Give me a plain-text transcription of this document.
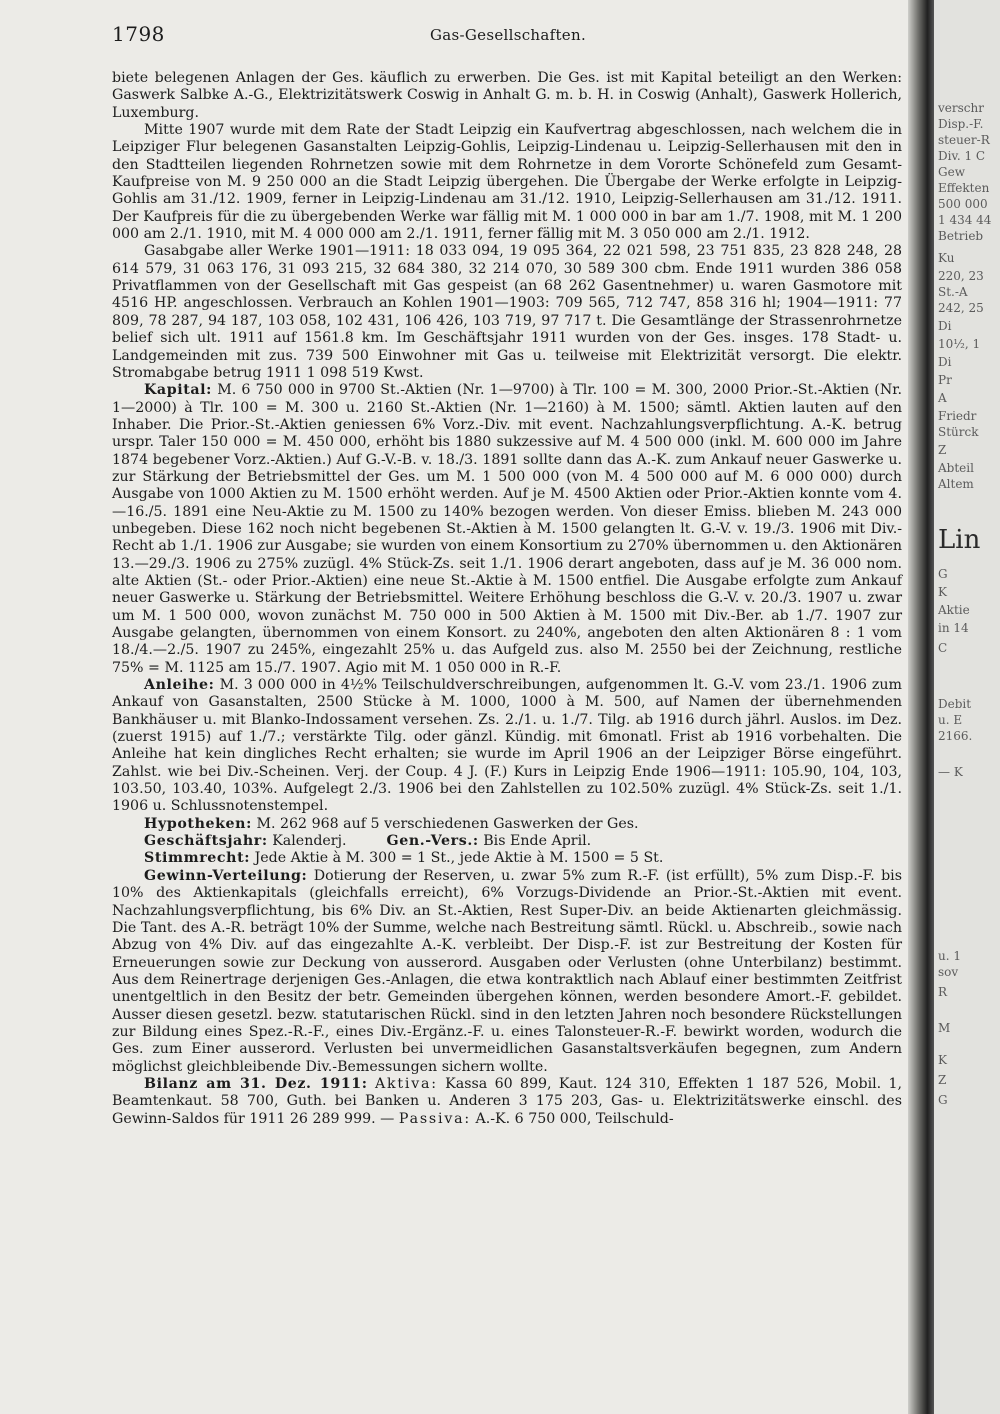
1798	Gas-Gesellschaften.

biete belegenen Anlagen der Ges. käuflich zu erwerben. Die Ges. ist mit Kapital beteiligt an den Werken: Gaswerk Salbke A.-G., Elektrizitätswerk Coswig in Anhalt G. m. b. H. in Coswig (Anhalt), Gaswerk Hollerich, Luxemburg.

Mitte 1907 wurde mit dem Rate der Stadt Leipzig ein Kaufvertrag abgeschlossen, nach welchem die in Leipziger Flur belegenen Gasanstalten Leipzig-Gohlis, Leipzig-Lindenau u. Leipzig-Sellerhausen mit den in den Stadtteilen liegenden Rohrnetzen sowie mit dem Rohrnetze in dem Vororte Schönefeld zum Gesamt-Kaufpreise von M. 9 250 000 an die Stadt Leipzig übergehen. Die Übergabe der Werke erfolgte in Leipzig-Gohlis am 31./12. 1909, ferner in Leipzig-Lindenau am 31./12. 1910, Leipzig-Sellerhausen am 31./12. 1911. Der Kaufpreis für die zu übergebenden Werke war fällig mit M. 1 000 000 in bar am 1./7. 1908, mit M. 1 200 000 am 2./1. 1910, mit M. 4 000 000 am 2./1. 1911, ferner fällig mit M. 3 050 000 am 2./1. 1912.

Gasabgabe aller Werke 1901—1911: 18 033 094, 19 095 364, 22 021 598, 23 751 835, 23 828 248, 28 614 579, 31 063 176, 31 093 215, 32 684 380, 32 214 070, 30 589 300 cbm. Ende 1911 wurden 386 058 Privatflammen von der Gesellschaft mit Gas gespeist (an 68 262 Gasentnehmer) u. waren Gasmotore mit 4516 HP. angeschlossen. Verbrauch an Kohlen 1901—1903: 709 565, 712 747, 858 316 hl; 1904—1911: 77 809, 78 287, 94 187, 103 058, 102 431, 106 426, 103 719, 97 717 t. Die Gesamtlänge der Strassenrohrnetze belief sich ult. 1911 auf 1561.8 km. Im Geschäftsjahr 1911 wurden von der Ges. insges. 178 Stadt- u. Landgemeinden mit zus. 739 500 Einwohner mit Gas u. teilweise mit Elektrizität versorgt. Die elektr. Stromabgabe betrug 1911 1 098 519 Kwst.

Kapital: M. 6 750 000 in 9700 St.-Aktien (Nr. 1—9700) à Tlr. 100 = M. 300, 2000 Prior.-St.-Aktien (Nr. 1—2000) à Tlr. 100 = M. 300 u. 2160 St.-Aktien (Nr. 1—2160) à M. 1500; sämtl. Aktien lauten auf den Inhaber. Die Prior.-St.-Aktien geniessen 6% Vorz.-Div. mit event. Nachzahlungsverpflichtung. A.-K. betrug urspr. Taler 150 000 = M. 450 000, erhöht bis 1880 sukzessive auf M. 4 500 000 (inkl. M. 600 000 im Jahre 1874 begebener Vorz.-Aktien.) Auf G.-V.-B. v. 18./3. 1891 sollte dann das A.-K. zum Ankauf neuer Gaswerke u. zur Stärkung der Betriebsmittel der Ges. um M. 1 500 000 (von M. 4 500 000 auf M. 6 000 000) durch Ausgabe von 1000 Aktien zu M. 1500 erhöht werden. Auf je M. 4500 Aktien oder Prior.-Aktien konnte vom 4.—16./5. 1891 eine Neu-Aktie zu M. 1500 zu 140% bezogen werden. Von dieser Emiss. blieben M. 243 000 unbegeben. Diese 162 noch nicht begebenen St.-Aktien à M. 1500 gelangten lt. G.-V. v. 19./3. 1906 mit Div.-Recht ab 1./1. 1906 zur Ausgabe; sie wurden von einem Konsortium zu 270% übernommen u. den Aktionären 13.—29./3. 1906 zu 275% zuzügl. 4% Stück-Zs. seit 1./1. 1906 derart angeboten, dass auf je M. 36 000 nom. alte Aktien (St.- oder Prior.-Aktien) eine neue St.-Aktie à M. 1500 entfiel. Die Ausgabe erfolgte zum Ankauf neuer Gaswerke u. Stärkung der Betriebsmittel. Weitere Erhöhung beschloss die G.-V. v. 20./3. 1907 u. zwar um M. 1 500 000, wovon zunächst M. 750 000 in 500 Aktien à M. 1500 mit Div.-Ber. ab 1./7. 1907 zur Ausgabe gelangten, übernommen von einem Konsort. zu 240%, angeboten den alten Aktionären 8 : 1 vom 18./4.—2./5. 1907 zu 245%, eingezahlt 25% u. das Aufgeld zus. also M. 2550 bei der Zeichnung, restliche 75% = M. 1125 am 15./7. 1907. Agio mit M. 1 050 000 in R.-F.

Anleihe: M. 3 000 000 in 4½% Teilschuldverschreibungen, aufgenommen lt. G.-V. vom 23./1. 1906 zum Ankauf von Gasanstalten, 2500 Stücke à M. 1000, 1000 à M. 500, auf Namen der übernehmenden Bankhäuser u. mit Blanko-Indossament versehen. Zs. 2./1. u. 1./7. Tilg. ab 1916 durch jährl. Auslos. im Dez. (zuerst 1915) auf 1./7.; verstärkte Tilg. oder gänzl. Kündig. mit 6monatl. Frist ab 1916 vorbehalten. Die Anleihe hat kein dingliches Recht erhalten; sie wurde im April 1906 an der Leipziger Börse eingeführt. Zahlst. wie bei Div.-Scheinen. Verj. der Coup. 4 J. (F.) Kurs in Leipzig Ende 1906—1911: 105.90, 104, 103, 103.50, 103.40, 103%. Aufgelegt 2./3. 1906 bei den Zahlstellen zu 102.50% zuzügl. 4% Stück-Zs. seit 1./1. 1906 u. Schlussnotenstempel.

Hypotheken: M. 262 968 auf 5 verschiedenen Gaswerken der Ges.

Geschäftsjahr: Kalenderj.	Gen.-Vers.: Bis Ende April.

Stimmrecht: Jede Aktie à M. 300 = 1 St., jede Aktie à M. 1500 = 5 St.

Gewinn-Verteilung: Dotierung der Reserven, u. zwar 5% zum R.-F. (ist erfüllt), 5% zum Disp.-F. bis 10% des Aktienkapitals (gleichfalls erreicht), 6% Vorzugs-Dividende an Prior.-St.-Aktien mit event. Nachzahlungsverpflichtung, bis 6% Div. an St.-Aktien, Rest Super-Div. an beide Aktienarten gleichmässig. Die Tant. des A.-R. beträgt 10% der Summe, welche nach Bestreitung sämtl. Rückl. u. Abschreib., sowie nach Abzug von 4% Div. auf das eingezahlte A.-K. verbleibt. Der Disp.-F. ist zur Bestreitung der Kosten für Erneuerungen sowie zur Deckung von ausserord. Ausgaben oder Verlusten (ohne Unterbilanz) bestimmt. Aus dem Reinertrage derjenigen Ges.-Anlagen, die etwa kontraktlich nach Ablauf einer bestimmten Zeitfrist unentgeltlich in den Besitz der betr. Gemeinden übergehen können, werden besondere Amort.-F. gebildet. Ausser diesen gesetzl. bezw. statutarischen Rückl. sind in den letzten Jahren noch besondere Rückstellungen zur Bildung eines Spez.-R.-F., eines Div.-Ergänz.-F. u. eines Talonsteuer-R.-F. bewirkt worden, wodurch die Ges. zum Einer ausserord. Verlusten bei unvermeidlichen Gasanstaltsverkäufen begegnen, zum Andern möglichst gleichbleibende Div.-Bemessungen sichern wollte.

Bilanz am 31. Dez. 1911: Aktiva: Kassa 60 899, Kaut. 124 310, Effekten 1 187 526, Mobil. 1, Beamtenkaut. 58 700, Guth. bei Banken u. Anderen 3 175 203, Gas- u. Elektrizitätswerke einschl. des Gewinn-Saldos für 1911 26 289 999. — Passiva: A.-K. 6 750 000, Teilschuld-

verschr
Disp.-F.
steuer-R
Div. 1 C
Gew
Effekten
500 000
1 434 44
Betrieb
Ku
220, 23
St.-A
242, 25
Di
10½, 1
Di
Pr
A
Friedr
Stürck
Z
Abteil
Altem
Lin
G
K
Aktie
in 14
C
Debit
u. E
2166.
— K
u. 1
sov
R
M
K
Z
G
